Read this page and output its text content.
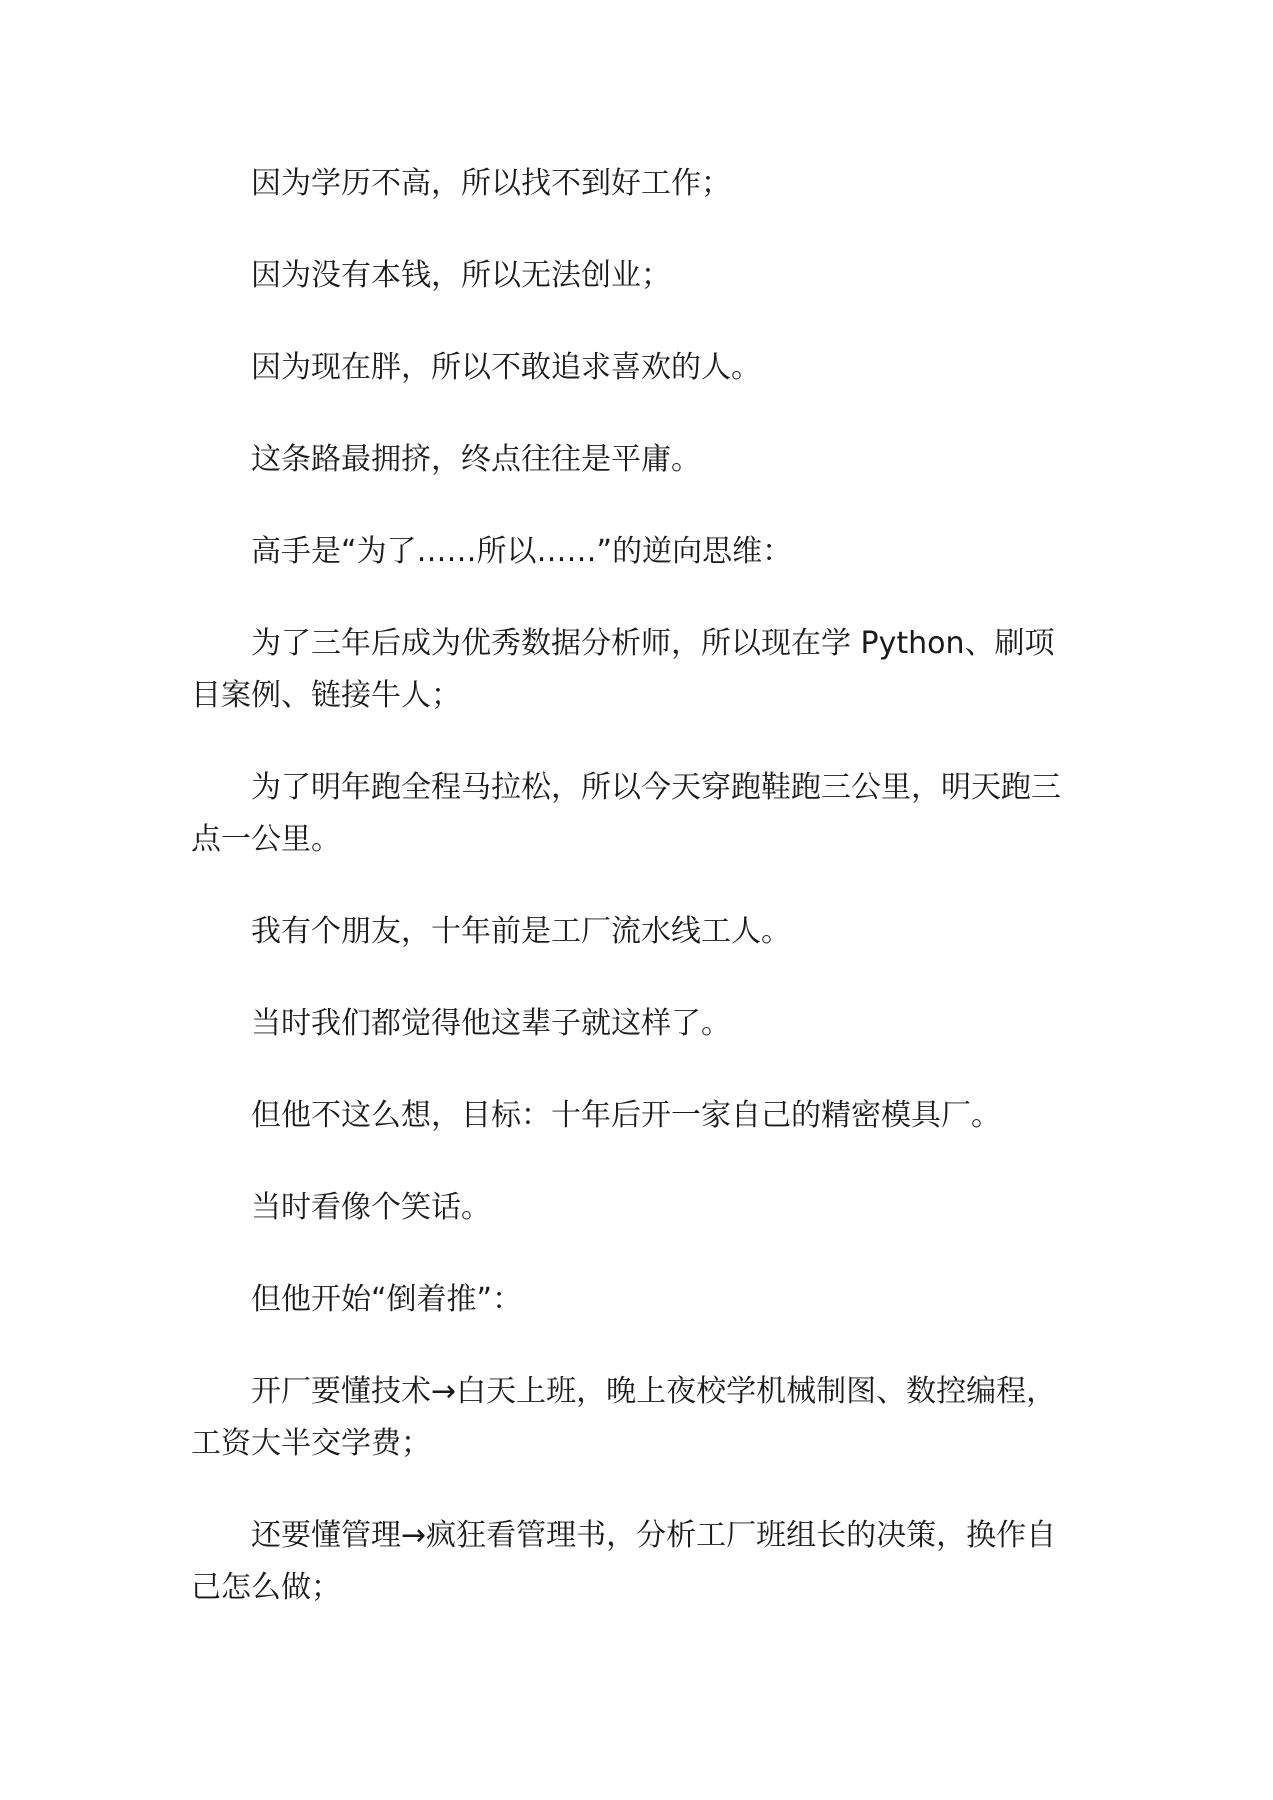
因为学历不高，所以找不到好工作；

因为没有本钱，所以无法创业；

因为现在胖，所以不敢追求喜欢的人。

这条路最拥挤，终点往往是平庸。

高手是“为了……所以……”的逆向思维：

为了三年后成为优秀数据分析师，所以现在学 Python、刷项目案例、链接牛人；

为了明年跑全程马拉松，所以今天穿跑鞋跑三公里，明天跑三点一公里。

我有个朋友，十年前是工厂流水线工人。

当时我们都觉得他这辈子就这样了。

但他不这么想，目标：十年后开一家自己的精密模具厂。

当时看像个笑话。

但他开始“倒着推”：

开厂要懂技术→白天上班，晚上夜校学机械制图、数控编程，工资大半交学费；

还要懂管理→疯狂看管理书，分析工厂班组长的决策，换作自己怎么做；
